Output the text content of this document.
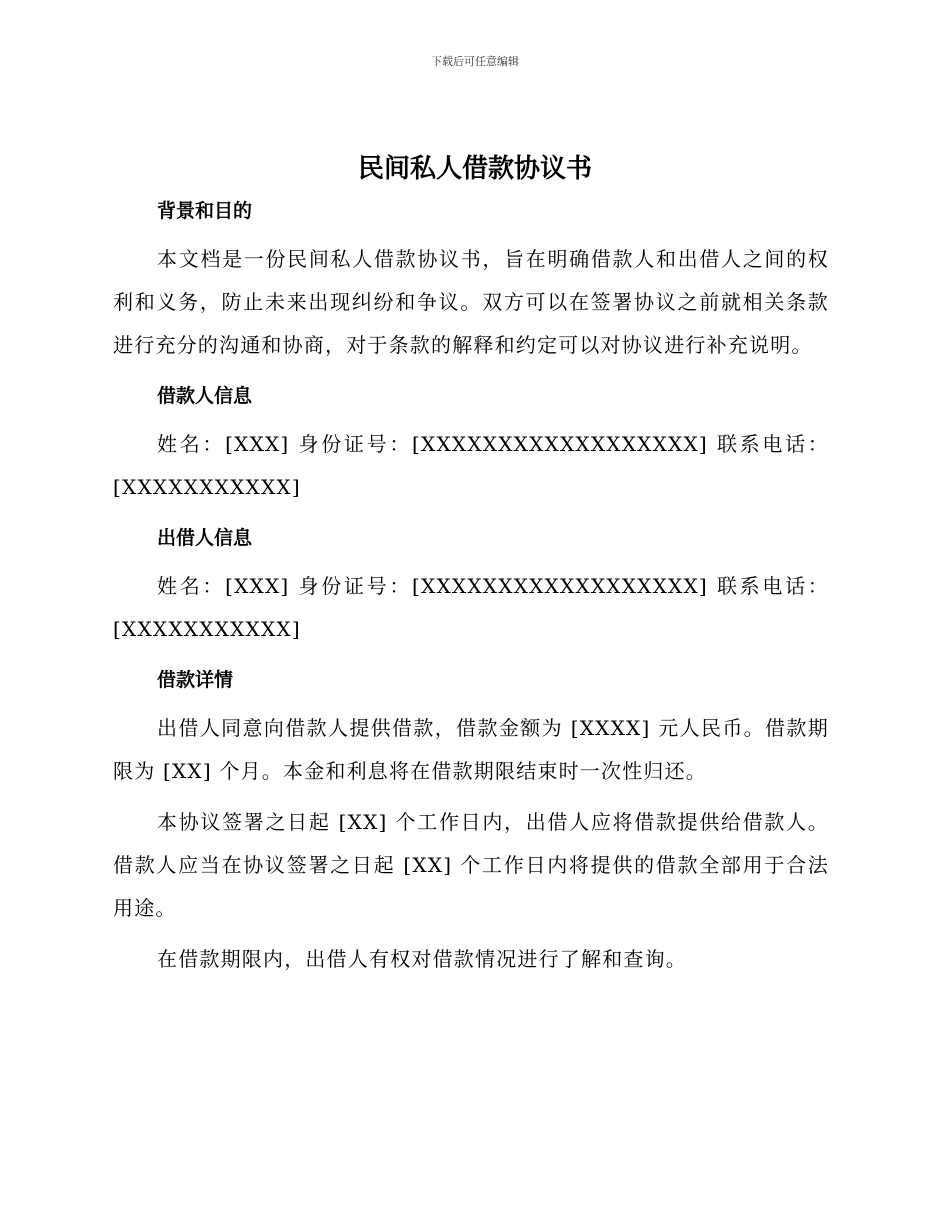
下载后可任意编辑
民间私人借款协议书
背景和目的

本文档是一份民间私人借款协议书，旨在明确借款人和出借人之间的权利和义务，防止未来出现纠纷和争议。双方可以在签署协议之前就相关条款进行充分的沟通和协商，对于条款的解释和约定可以对协议进行补充说明。

借款人信息

姓名：[XXX] 身份证号：[XXXXXXXXXXXXXXXXXX] 联系电话：[XXXXXXXXXXX]

出借人信息

姓名：[XXX] 身份证号：[XXXXXXXXXXXXXXXXXX] 联系电话：[XXXXXXXXXXX]

借款详情

出借人同意向借款人提供借款，借款金额为 [XXXX] 元人民币。借款期限为 [XX] 个月。本金和利息将在借款期限结束时一次性归还。

本协议签署之日起 [XX] 个工作日内，出借人应将借款提供给借款人。借款人应当在协议签署之日起 [XX] 个工作日内将提供的借款全部用于合法用途。

在借款期限内，出借人有权对借款情况进行了解和查询。
